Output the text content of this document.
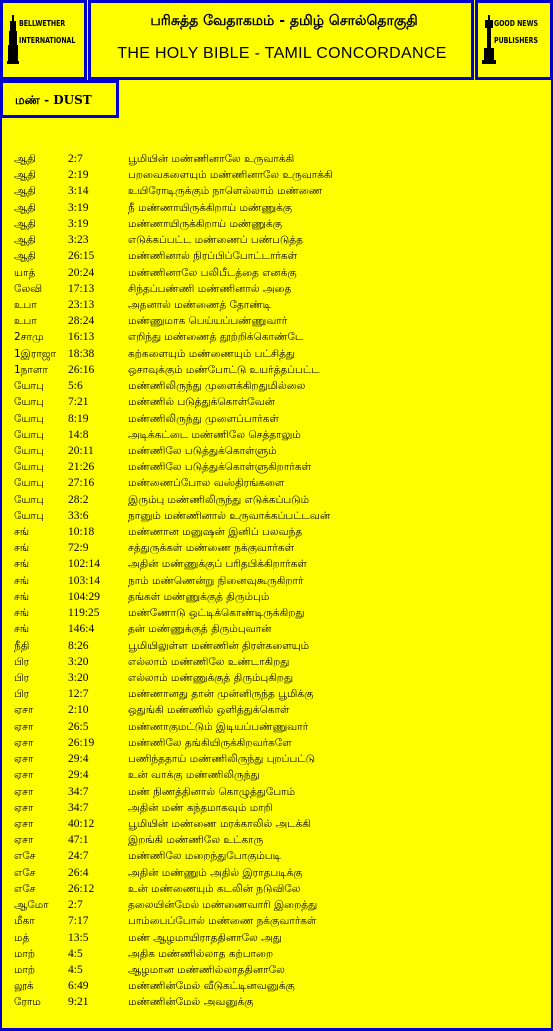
BELLWETHER
INTERNATIONAL
பரிசுத்த வேதாகமம் - தமிழ் சொல்தொகுதி
THE HOLY BIBLE - TAMIL CONCORDANCE
GOOD NEWS
PUBLISHERS
மண் - DUST
ஆதி	2:7	பூமியின் மண்ணினாலே உருவாக்கி
ஆதி	2:19	பறவைகளையும் மண்ணினாலே உருவாக்கி
ஆதி	3:14	உயிரோடிருக்கும் நாளெல்லாம் மண்ணை
ஆதி	3:19	நீ மண்ணாயிருக்கிறாய் மண்ணுக்கு
ஆதி	3:19	மண்ணாயிருக்கிறாய் மண்ணுக்கு
ஆதி	3:23	எடுக்கப்பட்ட மண்ணைப் பண்படுத்த
ஆதி	26:15	மண்ணினால் நிரப்பிப்போட்டார்கள்
யாத்	20:24	மண்ணினாலே பலிபீடத்தை எனக்கு
லேவி 17:13	சிந்தப்பண்ணி மண்ணினால் அதை
உபா	23:13	அதனால் மண்ணைத் தோண்டி
உபா	28:24	மண்ணுமாக பெய்யப்பண்ணுவார்
2சாமு 16:13	எறிந்து மண்ணைத் தூற்றிக்கொண்டே
1இராஜா 18:38	கற்களையும் மண்ணையும் பட்சித்து
1நாளா 26:16	ஒசாவுக்கும் மண்போட்டு உயர்த்தப்பட்ட
யோபு 5:6	மண்ணிலிருந்து முளைக்கிறதுமில்லை
யோபு 7:21	மண்ணில் படுத்துக்கொள்வேன்
யோபு 8:19	மண்ணிலிருந்து முளைப்பார்கள்
யோபு 14:8	அடிக்கட்டை மண்ணிலே செத்தாலும்
யோபு 20:11	மண்ணிலே படுத்துக்கொள்ளும்
யோபு 21:26	மண்ணிலே படுத்துக்கொள்ளுகிறார்கள்
யோபு 27:16	மண்ணைப்போல வஸ்திரங்களை
யோபு 28:2	இரும்பு மண்ணிலிருந்து எடுக்கப்படும்
யோபு 33:6	நானும் மண்ணினால் உருவாக்கப்பட்டவன்
சங்	10:18	மண்ணான மனுஷன் இனிப் பலவந்த
சங்	72:9	சத்துருக்கள் மண்ணை நக்குவார்கள்
சங்	102:14	அதின் மண்ணுக்குப் பரிதபிக்கிறார்கள்
சங்	103:14	நாம் மண்ணென்று நினைவுகூருகிறார்
சங்	104:29	தங்கள் மண்ணுக்குத் திரும்பும்
சங்	119:25	மண்ணோடு ஒட்டிக்கொண்டிருக்கிறது
சங்	146:4	தன் மண்ணுக்குத் திரும்புவான்
நீதி	8:26	பூமியிலுள்ள மண்ணின் திரள்களையும்
பிர	3:20	எல்லாம் மண்ணிலே உண்டாகிறது
பிர	3:20	எல்லாம் மண்ணுக்குத் திரும்புகிறது
பிர	12:7	மண்ணானது தான் முன்னிருந்த பூமிக்கு
ஏசா	2:10	ஒதுங்கி மண்ணில் ஒளித்துக்கொள்
ஏசா	26:5	மண்ணாகுமட்டும் இடியப்பண்ணுவார்
ஏசா	26:19	மண்ணிலே தங்கியிருக்கிறவர்களே
ஏசா	29:4	பணிந்ததாய் மண்ணிலிருந்து புறப்பட்டு
ஏசா	29:4	உன் வாக்கு மண்ணிலிருந்து
ஏசா	34:7	மண் நிணத்தினால் கொழுத்துபோம்
ஏசா	34:7	அதின் மண் கந்தமாகவும் மாறி
ஏசா	40:12	பூமியின் மண்ணை மரக்காலில் அடக்கி
ஏசா	47:1	இறங்கி மண்ணிலே உட்காரு
எசே	24:7	மண்ணிலே மறைந்துபோகும்படி
எசே	26:4	அதின் மண்ணும் அதில் இராதபடிக்கு
எசே	26:12	உன் மண்ணையும் கடலின் நடுவிலே
ஆமோ 2:7	தலையின்மேல் மண்ணைவாரி இறைத்து
மீகா	7:17	பாம்பைப்போல் மண்ணை நக்குவார்கள்
மத்	13:5	மண் ஆழமாயிராததினாலே அது
மாற்	4:5	அதிக மண்ணில்லாத கற்பாறை
மாற்	4:5	ஆழமான மண்ணில்லாததினாலே
லூக்	6:49	மண்ணின்மேல் வீடுகட்டினவனுக்கு
ரோம 9:21	மண்ணின்மேல் அவனுக்கு
